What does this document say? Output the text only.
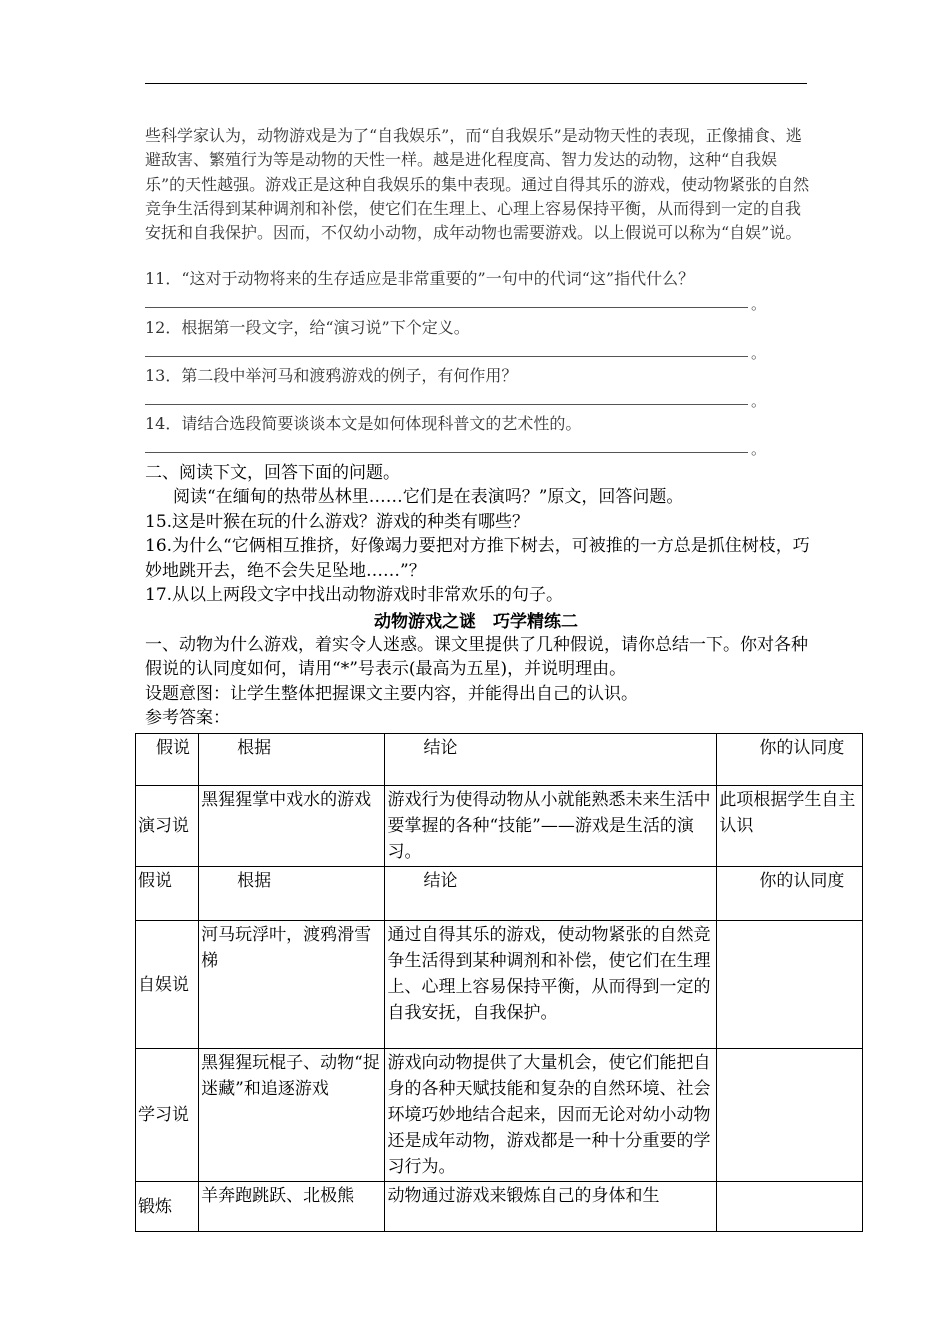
些科学家认为，动物游戏是为了“自我娱乐”，而“自我娱乐”是动物天性的表现，正像捕食、逃避敌害、繁殖行为等是动物的天性一样。越是进化程度高、智力发达的动物，这种“自我娱乐”的天性越强。游戏正是这种自我娱乐的集中表现。通过自得其乐的游戏，使动物紧张的自然竞争生活得到某种调剂和补偿，使它们在生理上、心理上容易保持平衡，从而得到一定的自我安抚和自我保护。因而，不仅幼小动物，成年动物也需要游戏。以上假说可以称为“自娱”说。

11．“这对于动物将来的生存适应是非常重要的”一句中的代词“这”指代什么？
。
12．根据第一段文字，给“演习说”下个定义。
。
13．第二段中举河马和渡鸦游戏的例子，有何作用？
。
14．请结合选段简要谈谈本文是如何体现科普文的艺术性的。
。

二、阅读下文，回答下面的问题。

阅读“在缅甸的热带丛林里……它们是在表演吗？”原文，回答问题。

15.这是叶猴在玩的什么游戏？游戏的种类有哪些？

16.为什么“它俩相互推挤，好像竭力要把对方推下树去，可被推的一方总是抓住树枝，巧妙地跳开去，绝不会失足坠地……”？

17.从以上两段文字中找出动物游戏时非常欢乐的句子。

动物游戏之谜　巧学精练二

一、动物为什么游戏，着实令人迷惑。课文里提供了几种假说，请你总结一下。你对各种假说的认同度如何，请用“*”号表示(最高为五星)，并说明理由。

设题意图：让学生整体把握课文主要内容，并能得出自己的认识。

参考答案：

假说	根据	结论	你的认同度
演习说	黑猩猩掌中戏水的游戏	游戏行为使得动物从小就能熟悉未来生活中要掌握的各种“技能”——游戏是生活的演习。	此项根据学生自主认识
假说	根据	结论	你的认同度
自娱说	河马玩浮叶，渡鸦滑雪梯	通过自得其乐的游戏，使动物紧张的自然竞争生活得到某种调剂和补偿，使它们在生理上、心理上容易保持平衡，从而得到一定的自我安抚，自我保护。	
学习说	黑猩猩玩棍子、动物“捉迷藏”和追逐游戏	游戏向动物提供了大量机会，使它们能把自身的各种天赋技能和复杂的自然环境、社会环境巧妙地结合起来，因而无论对幼小动物还是成年动物，游戏都是一种十分重要的学习行为。	
锻炼	羊奔跑跳跃、北极熊	动物通过游戏来锻炼自己的身体和生	
